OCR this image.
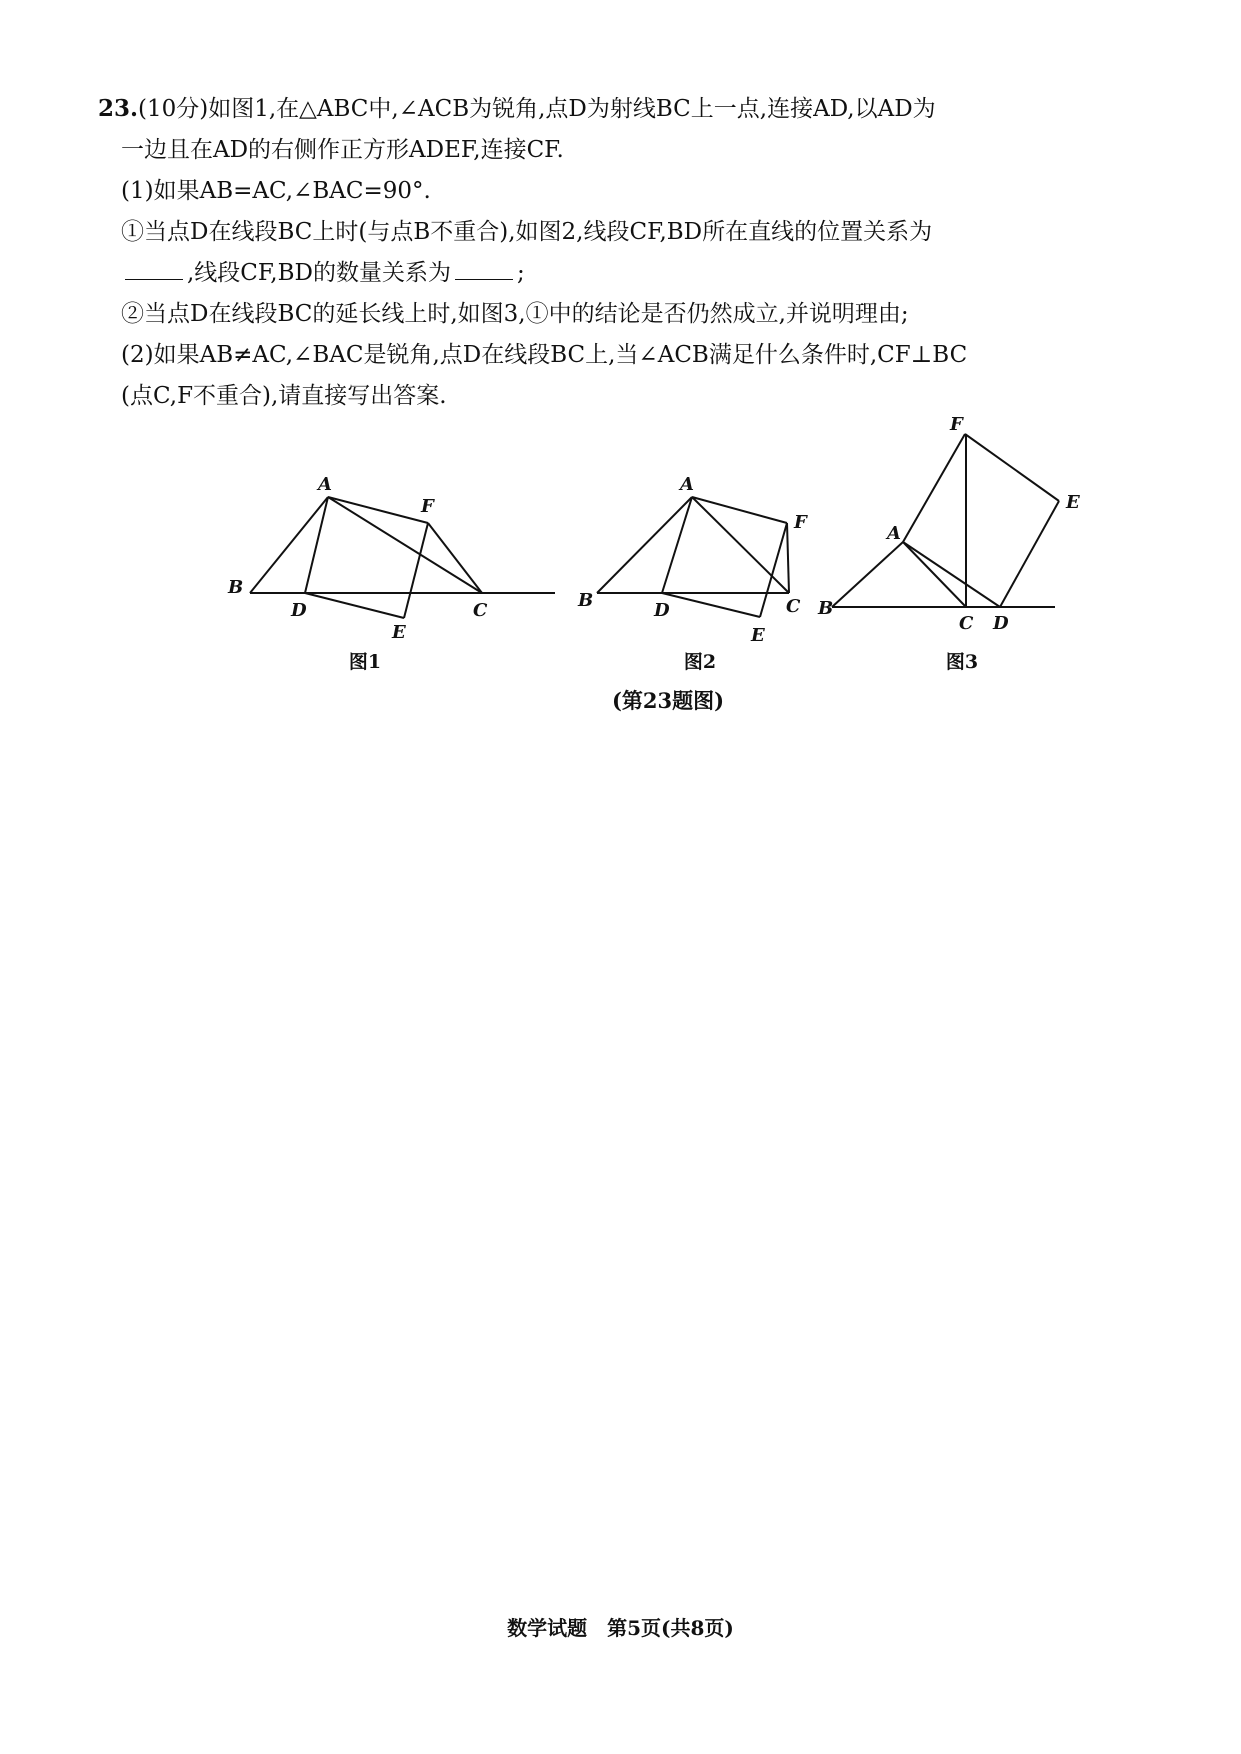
23.(10分)如图1,在△ABC中,∠ACB为锐角,点D为射线BC上一点,连接AD,以AD为
一边且在AD的右侧作正方形ADEF,连接CF.
(1)如果AB=AC,∠BAC=90°.
①当点D在线段BC上时(与点B不重合),如图2,线段CF,BD所在直线的位置关系为
,线段CF,BD的数量关系为	;
②当点D在线段BC的延长线上时,如图3,①中的结论是否仍然成立,并说明理由;
(2)如果AB≠AC,∠BAC是锐角,点D在线段BC上,当∠ACB满足什么条件时,CF⊥BC
(点C,F不重合),请直接写出答案.
A
B
C
D
E
F
A
B	C
D
E
F
A
B
C D
E
F
图1	图2	图3
(第23题图)
数学试题 第5页(共8页)
